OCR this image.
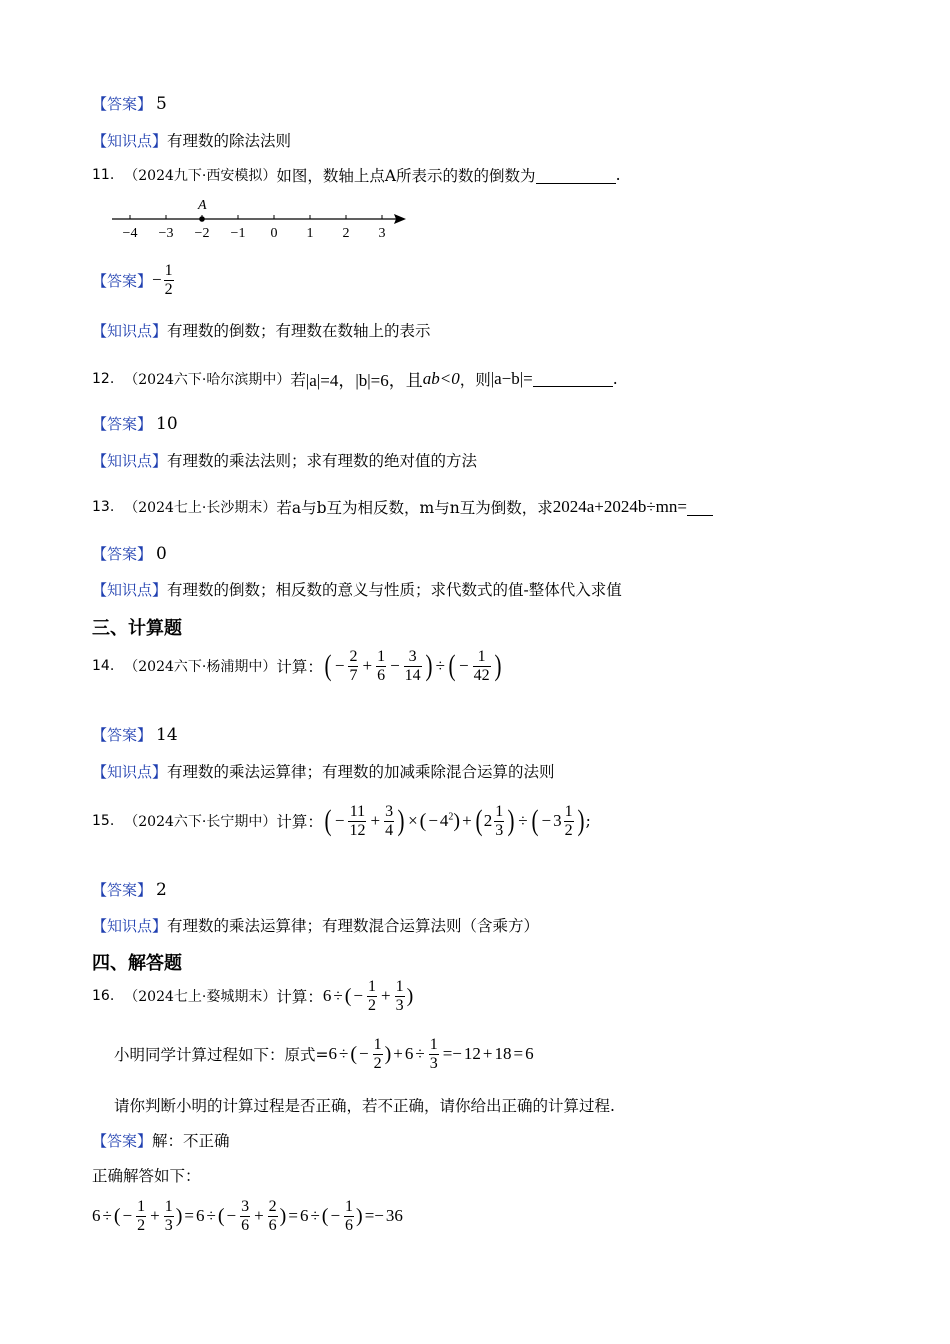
【答案】 5
【知识点】 有理数的除法法则
11. （2024九下·西安模拟） 如图，数轴上点A所表示的数的倒数为	.
−4 −3 −2 −1 0 1 2 3
A
【答案】 − $\frac{1}{2}$
【知识点】 有理数的倒数；有理数在数轴上的表示
12. （2024六下·哈尔滨期中） 若 |a|=4， |b|=6，且 ab<0 ，则 |a−b|=	.
【答案】 10
【知识点】 有理数的乘法法则；求有理数的绝对值的方法
13. （2024七上·长沙期末） 若a与b互为相反数，m与n互为倒数，求 2024a+2024b÷mn=
【答案】 0
【知识点】 有理数的倒数；相反数的意义与性质；求代数式的值-整体代入求值
三、计算题
14. （2024六下·杨浦期中） 计算： ( − $\frac{2}{7} + \frac{1}{6} - \frac{3}{14}$ ) ÷ ( − $\frac{1}{42}$ )
【答案】 14
【知识点】 有理数的乘法运算律；有理数的加减乘除混合运算的法则
15. （2024六下·长宁期中） 计算： ( − $\frac{11}{12} + \frac{3}{4}$ ) × ( − $4^2$ ) + ( $2 \frac{1}{3}$ ) ÷ ( − $3 \frac{1}{2}$ ) ;
【答案】 2
【知识点】 有理数的乘法运算律；有理数混合运算法则（含乘方）
四、解答题
16. （2024七上·婺城期末） 计算： 6 ÷ ( − $\frac{1}{2} + \frac{1}{3}$ )
小明同学计算过程如下：原式= 6 ÷ ( − $\frac{1}{2}$ ) + $6 \div \frac{1}{3} =- 12 + 18 = 6$
请你判断小明的计算过程是否正确，若不正确，请你给出正确的计算过程.
【答案】 解：不正确
正确解答如下：
6 ÷ ( − $\frac{1}{2} + \frac{1}{3}$ ) = 6 ÷ ( − $\frac{3}{6} + \frac{2}{6}$ ) = 6 ÷ ( − $\frac{1}{6}$ ) =− 36
